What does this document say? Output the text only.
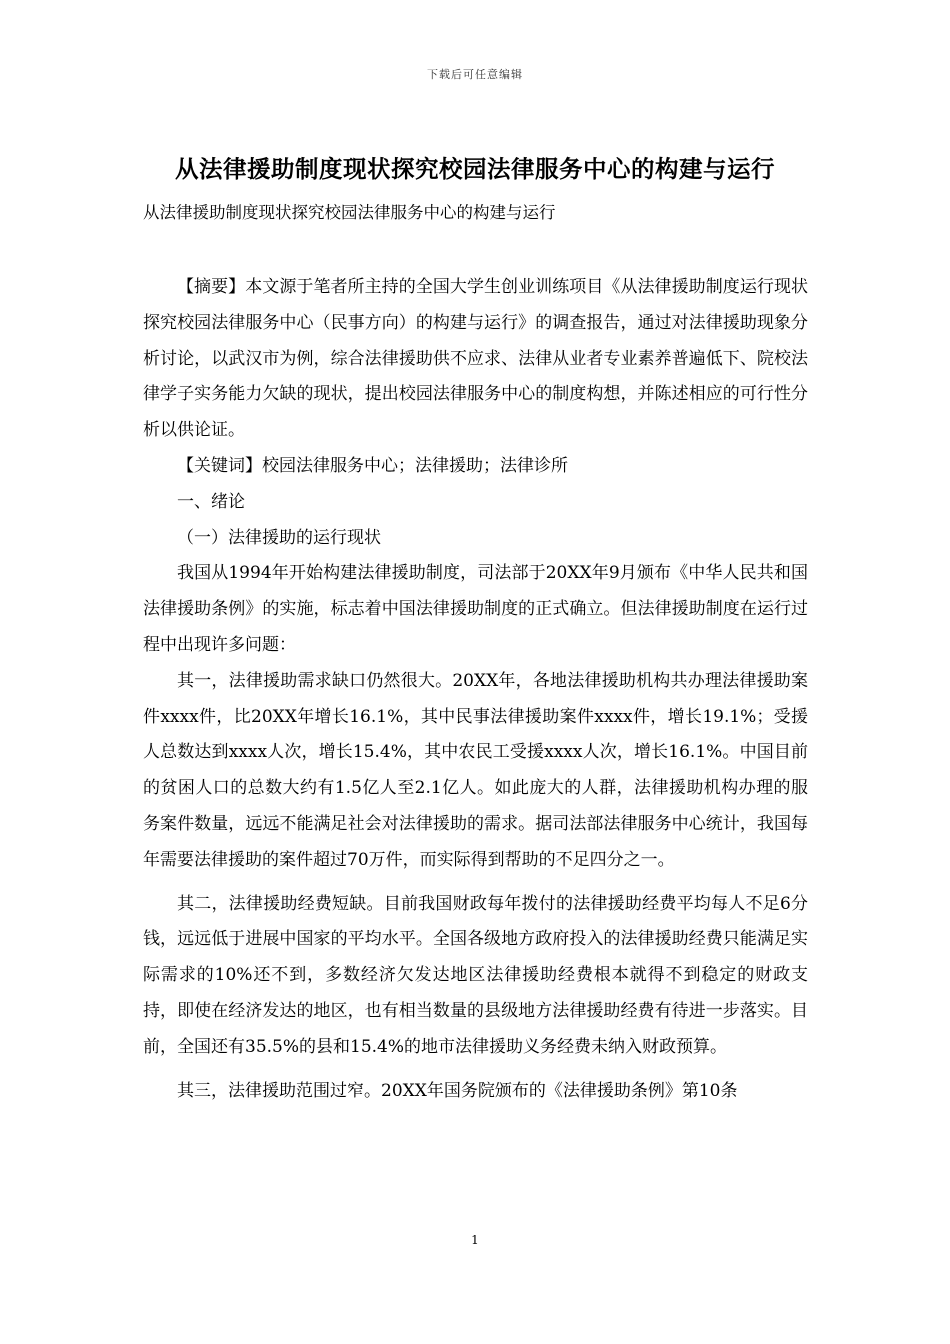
下载后可任意编辑
从法律援助制度现状探究校园法律服务中心的构建与运行
从法律援助制度现状探究校园法律服务中心的构建与运行

【摘要】本文源于笔者所主持的全国大学生创业训练项目《从法律援助制度运行现状探究校园法律服务中心（民事方向）的构建与运行》的调查报告，通过对法律援助现象分析讨论，以武汉市为例，综合法律援助供不应求、法律从业者专业素养普遍低下、院校法律学子实务能力欠缺的现状，提出校园法律服务中心的制度构想，并陈述相应的可行性分析以供论证。

【关键词】校园法律服务中心；法律援助；法律诊所

一、绪论

（一）法律援助的运行现状

我国从1994年开始构建法律援助制度，司法部于20XX年9月颁布《中华人民共和国法律援助条例》的实施，标志着中国法律援助制度的正式确立。但法律援助制度在运行过程中出现许多问题：

其一，法律援助需求缺口仍然很大。20XX年，各地法律援助机构共办理法律援助案件xxxx件，比20XX年增长16.1%，其中民事法律援助案件xxxx件，增长19.1%；受援人总数达到xxxx人次，增长15.4%，其中农民工受援xxxx人次，增长16.1%。中国目前的贫困人口的总数大约有1.5亿人至2.1亿人。如此庞大的人群，法律援助机构办理的服务案件数量，远远不能满足社会对法律援助的需求。据司法部法律服务中心统计，我国每年需要法律援助的案件超过70万件，而实际得到帮助的不足四分之一。

其二，法律援助经费短缺。目前我国财政每年拨付的法律援助经费平均每人不足6分钱，远远低于进展中国家的平均水平。全国各级地方政府投入的法律援助经费只能满足实际需求的10%还不到，多数经济欠发达地区法律援助经费根本就得不到稳定的财政支持，即使在经济发达的地区，也有相当数量的县级地方法律援助经费有待进一步落实。目前，全国还有35.5%的县和15.4%的地市法律援助义务经费未纳入财政预算。

其三，法律援助范围过窄。20XX年国务院颁布的《法律援助条例》第10条

1
